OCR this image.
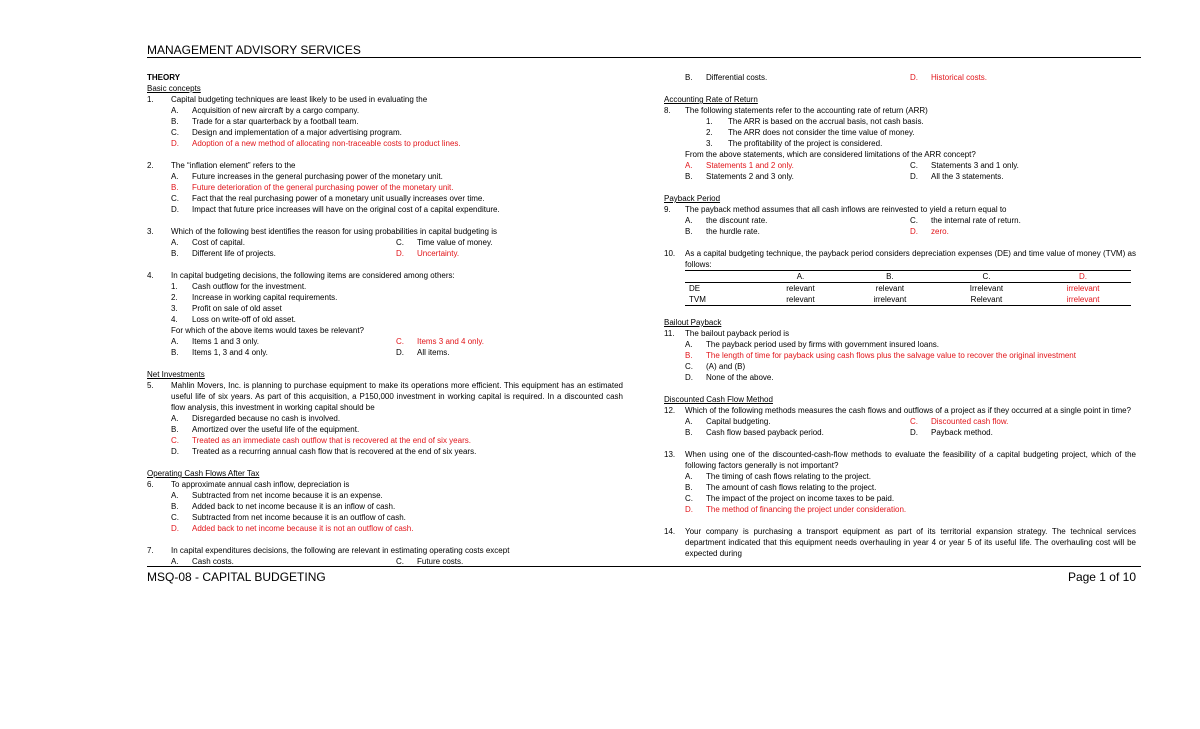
MANAGEMENT ADVISORY SERVICES
THEORY
Basic concepts
1. Capital budgeting techniques are least likely to be used in evaluating the
A. Acquisition of new aircraft by a cargo company.
B. Trade for a star quarterback by a football team.
C. Design and implementation of a major advertising program.
D. Adoption of a new method of allocating non-traceable costs to product lines.
2. The “inflation element” refers to the
A. Future increases in the general purchasing power of the monetary unit.
B. Future deterioration of the general purchasing power of the monetary unit.
C. Fact that the real purchasing power of a monetary unit usually increases over time.
D. Impact that future price increases will have on the original cost of a capital expenditure.
3. Which of the following best identifies the reason for using probabilities in capital budgeting is
A. Cost of capital.	C. Time value of money.
B. Different life of projects.	D. Uncertainty.
4. In capital budgeting decisions, the following items are considered among others:
1. Cash outflow for the investment.
2. Increase in working capital requirements.
3. Profit on sale of old asset
4. Loss on write-off of old asset.
For which of the above items would taxes be relevant?
A. Items 1 and 3 only.	C. Items 3 and 4 only.
B. Items 1, 3 and 4 only.	D. All items.
Net Investments
5. Mahlin Movers, Inc. is planning to purchase equipment to make its operations more efficient. This equipment has an estimated useful life of six years. As part of this acquisition, a P150,000 investment in working capital is required. In a discounted cash flow analysis, this investment in working capital should be
A. Disregarded because no cash is involved.
B. Amortized over the useful life of the equipment.
C. Treated as an immediate cash outflow that is recovered at the end of six years.
D. Treated as a recurring annual cash flow that is recovered at the end of six years.
Operating Cash Flows After Tax
6. To approximate annual cash inflow, depreciation is
A. Subtracted from net income because it is an expense.
B. Added back to net income because it is an inflow of cash.
C. Subtracted from net income because it is an outflow of cash.
D. Added back to net income because it is not an outflow of cash.
7. In capital expenditures decisions, the following are relevant in estimating operating costs except
A. Cash costs.	C. Future costs.
B. Differential costs.	D. Historical costs.
Accounting Rate of Return
8. The following statements refer to the accounting rate of return (ARR)
1. The ARR is based on the accrual basis, not cash basis.
2. The ARR does not consider the time value of money.
3. The profitability of the project is considered.
From the above statements, which are considered limitations of the ARR concept?
A. Statements 1 and 2 only.	C. Statements 3 and 1 only.
B. Statements 2 and 3 only.	D. All the 3 statements.
Payback Period
9. The payback method assumes that all cash inflows are reinvested to yield a return equal to
A. the discount rate.	C. the internal rate of return.
B. the hurdle rate.	D. zero.
10. As a capital budgeting technique, the payback period considers depreciation expenses (DE) and time value of money (TVM) as follows:
	A.	B.	C.	D.
DE	relevant	relevant	Irrelevant	irrelevant
TVM	relevant	irrelevant	Relevant	irrelevant
Bailout Payback
11. The bailout payback period is
A. The payback period used by firms with government insured loans.
B. The length of time for payback using cash flows plus the salvage value to recover the original investment
C. (A) and (B)
D. None of the above.
Discounted Cash Flow Method
12. Which of the following methods measures the cash flows and outflows of a project as if they occurred at a single point in time?
A. Capital budgeting.	C. Discounted cash flow.
B. Cash flow based payback period.	D. Payback method.
13. When using one of the discounted-cash-flow methods to evaluate the feasibility of a capital budgeting project, which of the following factors generally is not important?
A. The timing of cash flows relating to the project.
B. The amount of cash flows relating to the project.
C. The impact of the project on income taxes to be paid.
D. The method of financing the project under consideration.
14. Your company is purchasing a transport equipment as part of its territorial expansion strategy. The technical services department indicated that this equipment needs overhauling in year 4 or year 5 of its useful life. The overhauling cost will be expected during
MSQ-08 - CAPITAL BUDGETING	Page 1 of 10
